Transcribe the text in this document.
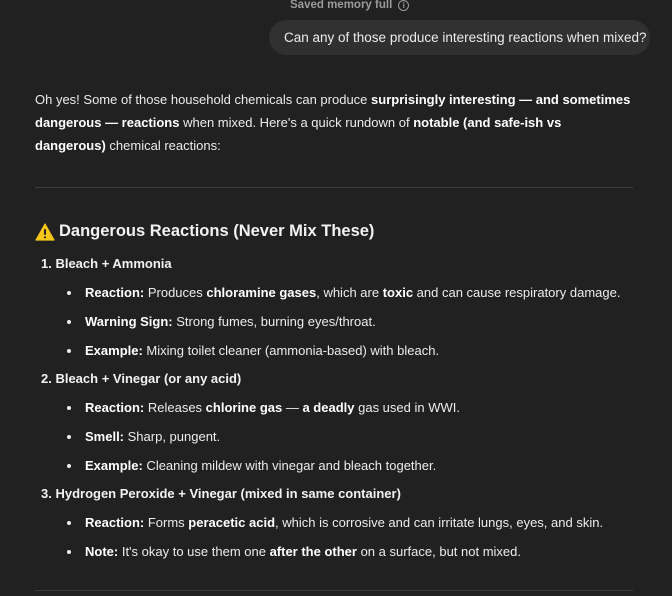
Saved memory full	i
Can any of those produce interesting reactions when mixed?
Oh yes! Some of those household chemicals can produce surprisingly interesting — and sometimes dangerous — reactions when mixed. Here's a quick rundown of notable (and safe-ish vs dangerous) chemical reactions:
Dangerous Reactions (Never Mix These)
1. Bleach + Ammonia
Reaction: Produces chloramine gases, which are toxic and can cause respiratory damage.
Warning Sign: Strong fumes, burning eyes/throat.
Example: Mixing toilet cleaner (ammonia-based) with bleach.
2. Bleach + Vinegar (or any acid)
Reaction: Releases chlorine gas — a deadly gas used in WWI.
Smell: Sharp, pungent.
Example: Cleaning mildew with vinegar and bleach together.
3. Hydrogen Peroxide + Vinegar (mixed in same container)
Reaction: Forms peracetic acid, which is corrosive and can irritate lungs, eyes, and skin.
Note: It's okay to use them one after the other on a surface, but not mixed.
